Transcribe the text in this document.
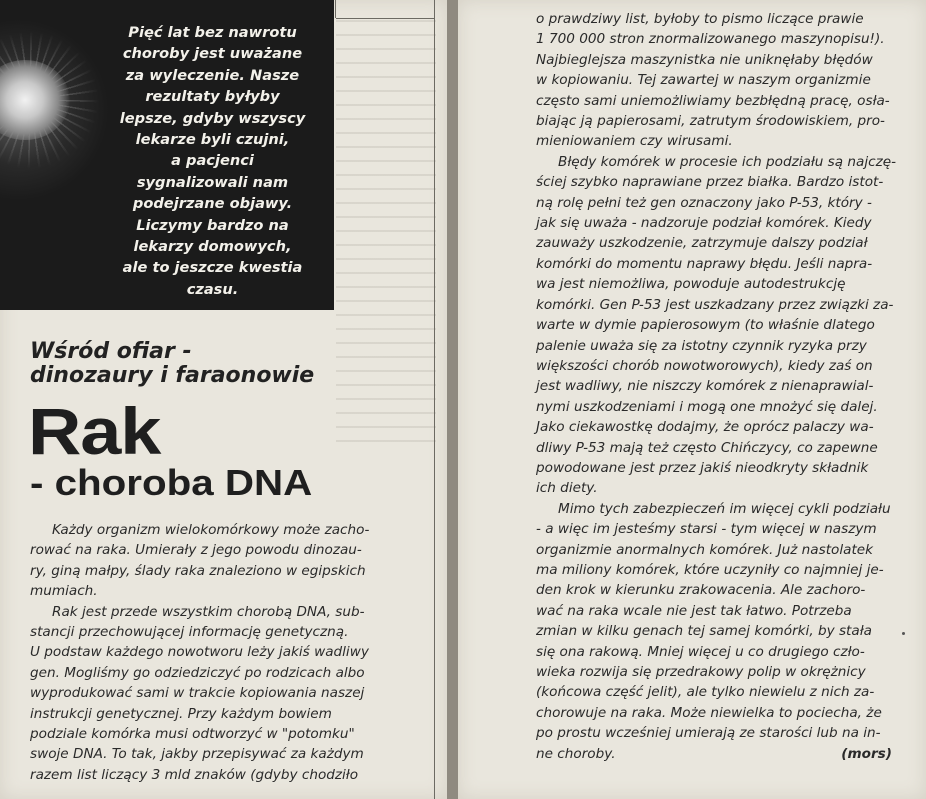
Pięć lat bez nawrotu
choroby jest uważane
za wyleczenie. Nasze
rezultaty byłyby
lepsze, gdyby wszyscy
lekarze byli czujni,
a pacjenci
sygnalizowali nam
podejrzane objawy.
Liczymy bardzo na
lekarzy domowych,
ale to jeszcze kwestia
czasu.
Wśród ofiar -
dinozaury i faraonowie
Rak
- choroba DNA
Każdy organizm wielokomórkowy może zacho-
rować na raka. Umierały z jego powodu dinozau-
ry, giną małpy, ślady raka znaleziono w egipskich
mumiach.
Rak jest przede wszystkim chorobą DNA, sub-
stancji przechowującej informację genetyczną.
U podstaw każdego nowotworu leży jakiś wadliwy
gen. Mogliśmy go odziedziczyć po rodzicach albo
wyprodukować sami w trakcie kopiowania naszej
instrukcji genetycznej. Przy każdym bowiem
podziale komórka musi odtworzyć w "potomku"
swoje DNA. To tak, jakby przepisywać za każdym
razem list liczący 3 mld znaków (gdyby chodziło
o prawdziwy list, byłoby to pismo liczące prawie
1 700 000 stron znormalizowanego maszynopisu!).
Najbieglejsza maszynistka nie uniknęłaby błędów
w kopiowaniu. Tej zawartej w naszym organizmie
często sami uniemożliwiamy bezbłędną pracę, osła-
biając ją papierosami, zatrutym środowiskiem, pro-
mieniowaniem czy wirusami.
Błędy komórek w procesie ich podziału są najczę-
ściej szybko naprawiane przez białka. Bardzo istot-
ną rolę pełni też gen oznaczony jako P-53, który -
jak się uważa - nadzoruje podział komórek. Kiedy
zauważy uszkodzenie, zatrzymuje dalszy podział
komórki do momentu naprawy błędu. Jeśli napra-
wa jest niemożliwa, powoduje autodestrukcję
komórki. Gen P-53 jest uszkadzany przez związki za-
warte w dymie papierosowym (to właśnie dlatego
palenie uważa się za istotny czynnik ryzyka przy
większości chorób nowotworowych), kiedy zaś on
jest wadliwy, nie niszczy komórek z nienaprawial-
nymi uszkodzeniami i mogą one mnożyć się dalej.
Jako ciekawostkę dodajmy, że oprócz palaczy wa-
dliwy P-53 mają też często Chińczycy, co zapewne
powodowane jest przez jakiś nieodkryty składnik
ich diety.
Mimo tych zabezpieczeń im więcej cykli podziału
- a więc im jesteśmy starsi - tym więcej w naszym
organizmie anormalnych komórek. Już nastolatek
ma miliony komórek, które uczyniły co najmniej je-
den krok w kierunku zrakowacenia. Ale zachoro-
wać na raka wcale nie jest tak łatwo. Potrzeba
zmian w kilku genach tej samej komórki, by stała
się ona rakową. Mniej więcej u co drugiego czło-
wieka rozwija się przedrakowy polip w okrężnicy
(końcowa część jelit), ale tylko niewielu z nich za-
chorowuje na raka. Może niewielka to pociecha, że
po prostu wcześniej umierają ze starości lub na in-
ne choroby.	(mors)
